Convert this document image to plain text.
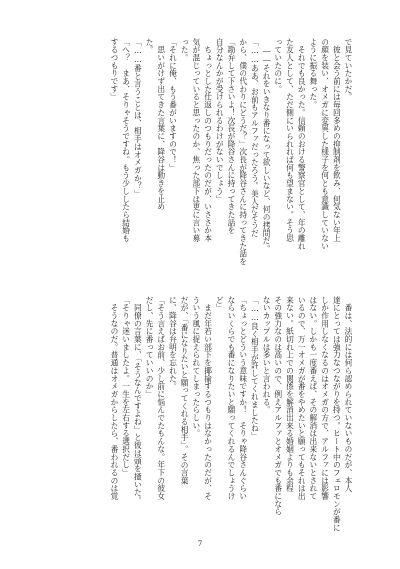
で見ていたかだ。

　彼と会う前には毎回多めの抑制剤を飲み、何気ない年上

の顔を装い、オメガに変異した様子を何とも意識していない

ように振る舞った。

　それでも良かった。信頼のおける警察官として、年の離れ

た友人として、ただ側にいられれば何も望まない。そう思

っていたのに。

　――それをいきなり番になって欲しいなど、何の拷問だ。

「……ああ、お前もアルファだったろう。美人だそうだ

から、僕の代わりにどうだ？」次長が降谷さんに持ってきた話を

「勘弁して下さいよ！次長が降谷さんに持ってきた話を

自分なんかが受けられるわけがないでしょう」

　ちょっとした仕返しのつもりだったのだが、いささか本

気が混じっていると思ったのか、焦った部下は更に言い募

った。

「それに俺、もう番がいますので！」

　思いがけず出てきた言葉に、降谷は動きを止め

た。

「……番と言うことは、相手はオメガか？」

「へ？　まあ、そりゃそうですね。もう少ししたら結婚も

するつもりです」

　番は、法的には何ら認められていないものだが、本人

達にとっては強力なつながりを持つ。ヒート中のフェロモンが番に

しか作用しなくなるのはオメガの方で、アルファには影響

はない。しかも一度番えば、その解消は出来ないとされて

いるので、万一オメガが番をやめたいと願ってもそれは出

来ない。紙切れ上での関係を解消出来る婚姻よりも余程

その強力なのは高いので、例えアルファとオメガでも番になら

ないカップルは多いと言われる。

「……良く相手が許してくれましたね」

「ちょっとどういう意味ですか！　そりゃ降谷さんぐらい

ならいくらでも番になりたいと願ってくれるんでしょうけ

ど」

　まだ年若い部下を揶揄するつもりはなかったのだが、そ

ういう風に捉えられてしまったらしい。

だが、「番になりたいと願ってくれる相手」。その言葉

に、降谷は弁明を忘れた。

「そう言えばお前、少し前に悩んでたもんな。年下の彼女

だし、先に番っていいのか」

　同僚の言葉に、「そうなんですよね」と彼は頭を掻いた。

「そりゃ迷いましたよ。一生を左右する選択だし」

　そうなのだ。普通はオメガからしたら、番われるのは覚

7
